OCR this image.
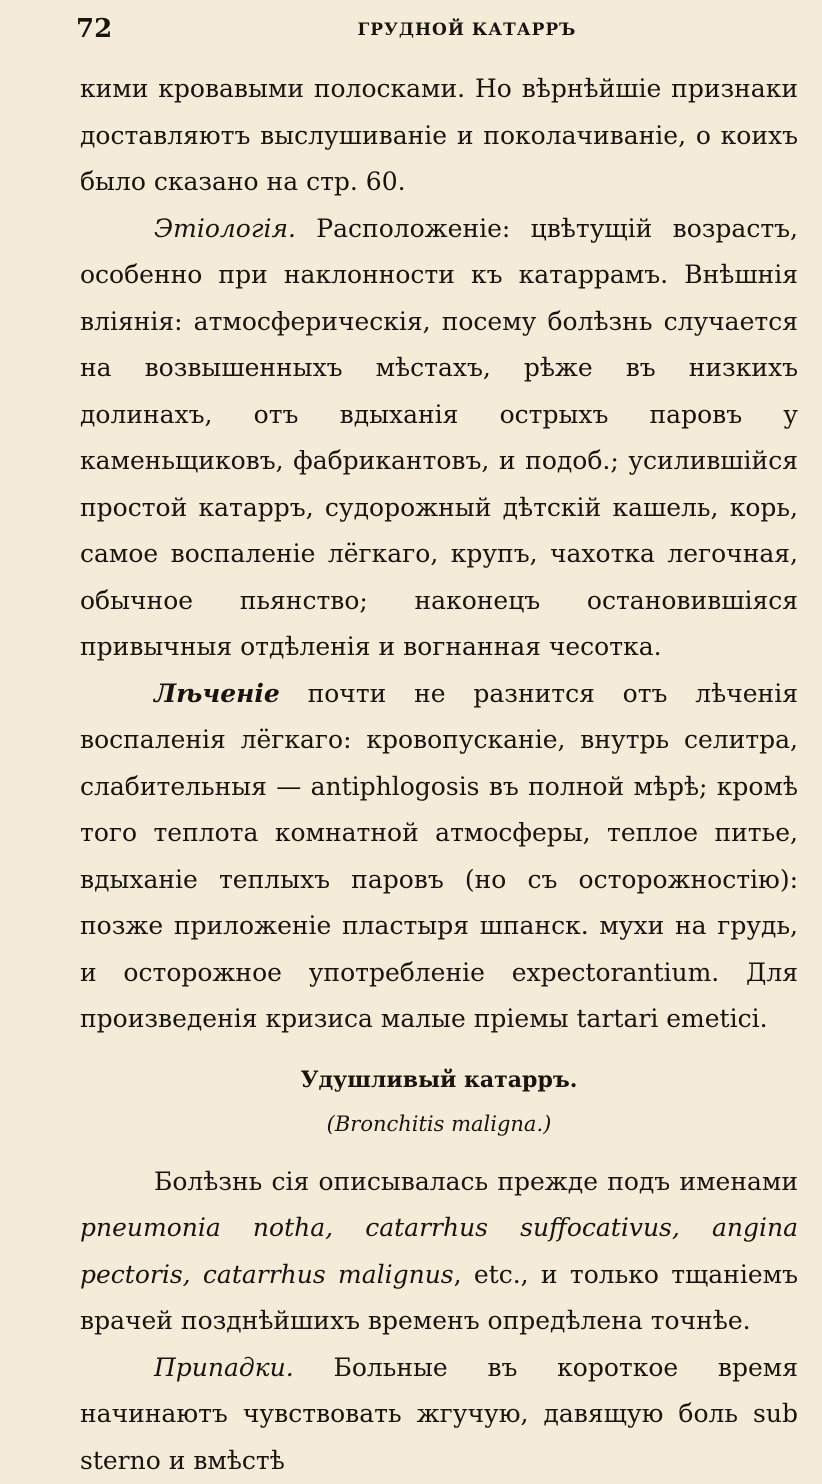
72	ГРУДНОЙ КАТАРРЪ

кими кровавыми полосками. Но вѣрнѣйшіе признаки доставляютъ выслушиваніе и поколачиваніе, о коихъ было сказано на стр. 60.

Этіологія. Расположеніе: цвѣтущій возрастъ, особенно при наклонности къ катаррамъ. Внѣшнія вліянія: атмосферическія, посему болѣзнь случается на возвышенныхъ мѣстахъ, рѣже въ низкихъ долинахъ, отъ вдыханія острыхъ паровъ у каменьщиковъ, фабрикантовъ, и подоб.; усилившійся простой катарръ, судорожный дѣтскій кашель, корь, самое воспаленіе лёгкаго, крупъ, чахотка легочная, обычное пьянство; наконецъ остановившіяся привычныя отдѣленія и вогнанная чесотка.

Лѣченіе почти не разнится отъ лѣченія воспаленія лёгкаго: кровопусканіе, внутрь селитра, слабительныя — antiphlogosis въ полной мѣрѣ; кромѣ того теплота комнатной атмосферы, теплое питье, вдыханіе теплыхъ паровъ (но съ осторожностію): позже приложеніе пластыря шпанск. мухи на грудь, и осторожное употребленіе expectorantium. Для произведенія кризиса малые пріемы tartari emetici.

Удушливый катарръ.
(Bronchitis maligna.)

Болѣзнь сія описывалась прежде подъ именами pneumonia notha, catarrhus suffocativus, angina pectoris, catarrhus malignus, etc., и только тщаніемъ врачей позднѣйшихъ временъ опредѣлена точнѣе.

Припадки. Больные въ короткое время начинаютъ чувствовать жгучую, давящую боль sub sterno и вмѣстѣ
